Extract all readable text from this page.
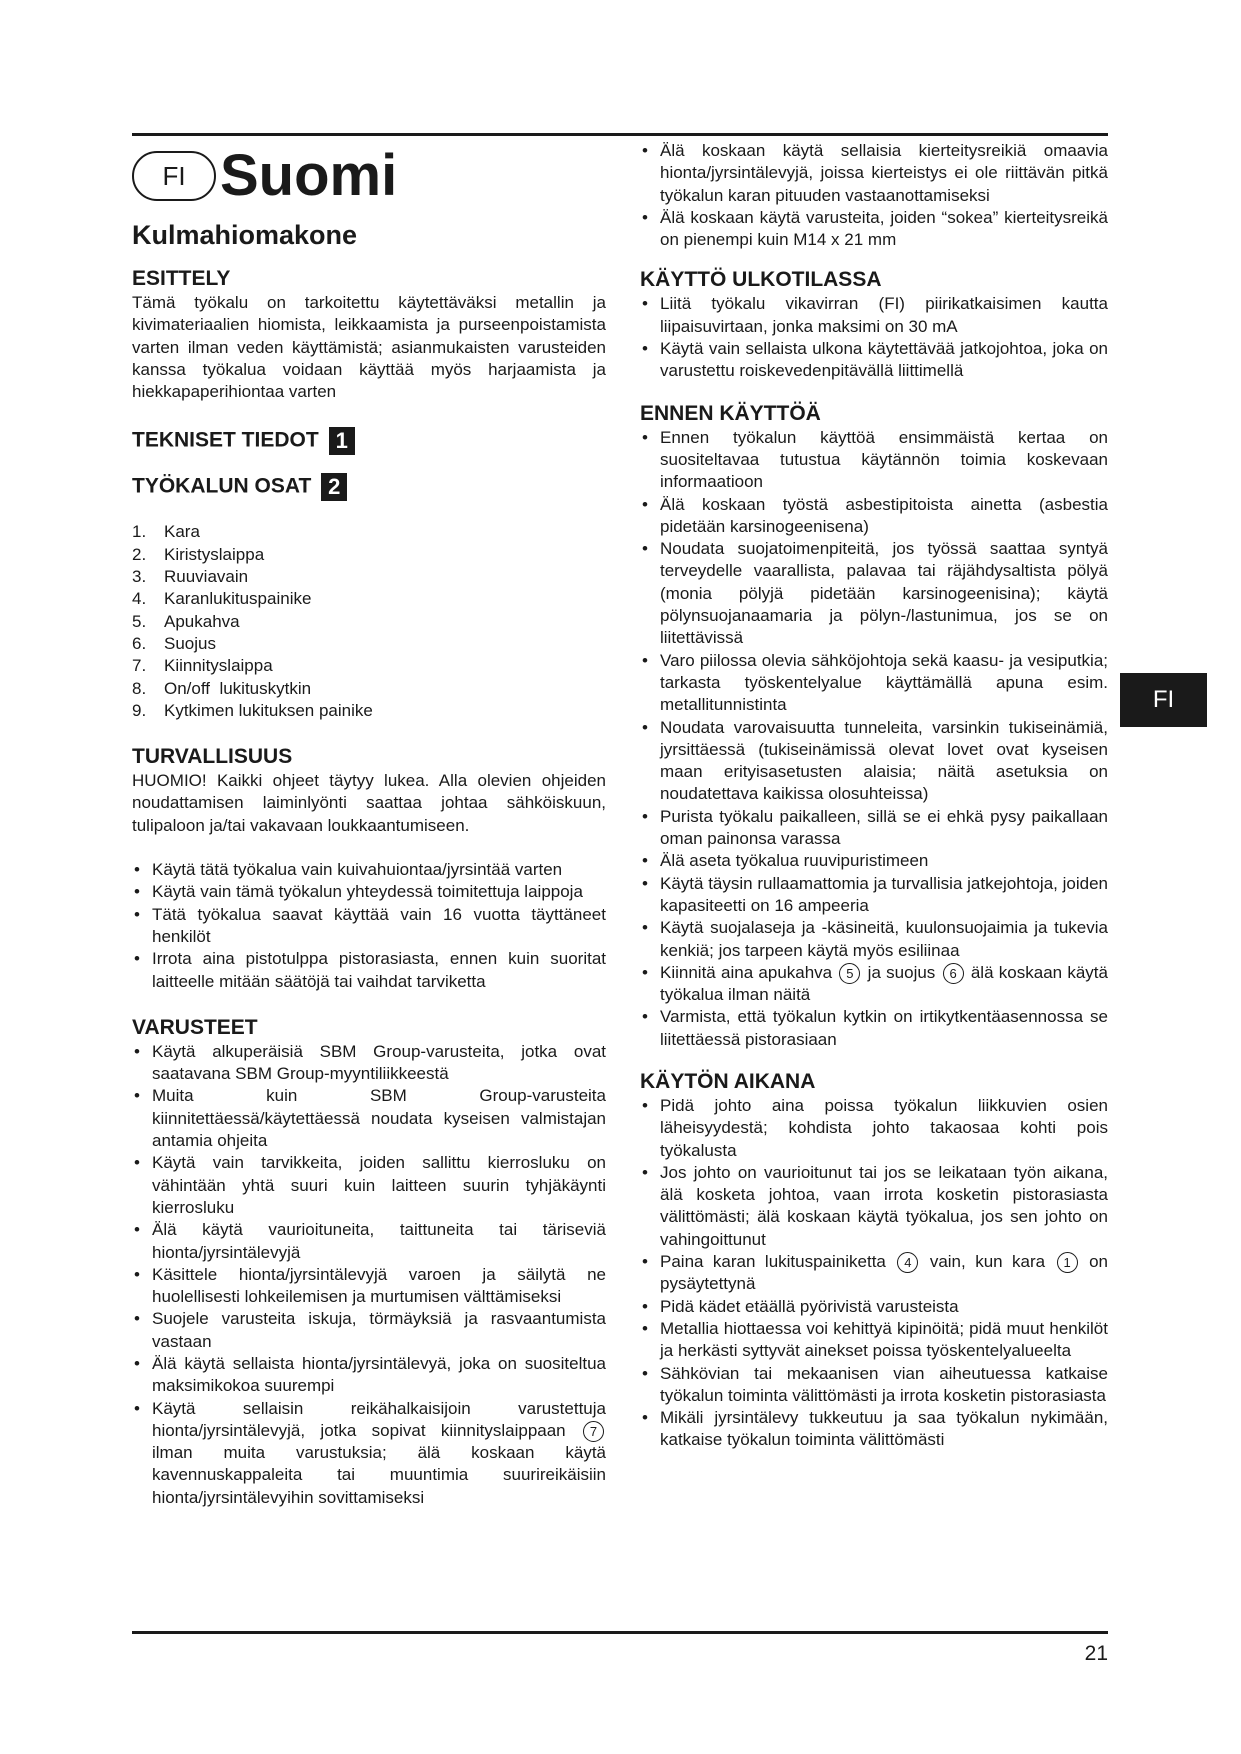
FI Suomi
Kulmahiomakone
ESITTELY

Tämä työkalu on tarkoitettu käytettäväksi metallin ja kivimateriaalien hiomista, leikkaamista ja purseenpoistamista varten ilman veden käyttämistä; asianmukaisten varusteiden kanssa työkalua voidaan käyttää myös harjaamista ja hiekkapaperihiontaa varten

TEKNISET TIEDOT 1
TYÖKALUN OSAT 2
1.	Kara
2.	Kiristyslaippa
3.	Ruuviavain
4.	Karanlukituspainike
5.	Apukahva
6.	Suojus
7.	Kiinnityslaippa
8.	On/off  lukituskytkin
9.	Kytkimen lukituksen painike
TURVALLISUUS

HUOMIO! Kaikki ohjeet täytyy lukea. Alla olevien ohjeiden noudattamisen laiminlyönti saattaa johtaa sähköiskuun, tulipaloon ja/tai vakavaan loukkaantumiseen.

• Käytä tätä työkalua vain kuivahuiontaa/jyrsintää varten
• Käytä vain tämä työkalun yhteydessä toimitettuja laippoja
• Tätä työkalua saavat käyttää vain 16 vuotta täyttäneet henkilöt
• Irrota aina pistotulppa pistorasiasta, ennen kuin suoritat laitteelle mitään säätöjä tai vaihdat tarviketta
VARUSTEET
• Käytä alkuperäisiä SBM Group-varusteita, jotka ovat saatavana SBM Group-myyntiliikkeestä
• Muita kuin SBM Group-varusteita kiinnitettäessä/käytettäessä noudata kyseisen valmistajan antamia ohjeita
• Käytä vain tarvikkeita, joiden sallittu kierrosluku on vähintään yhtä suuri kuin laitteen suurin tyhjäkäynti kierrosluku
• Älä käytä vaurioituneita, taittuneita tai täriseviä hionta/jyrsintälevyjä
• Käsittele hionta/jyrsintälevyjä varoen ja säilytä ne huolellisesti lohkeilemisen ja murtumisen välttämiseksi
• Suojele varusteita iskuja, törmäyksiä ja rasvaantumista vastaan
• Älä käytä sellaista hionta/jyrsintälevyä, joka on suositeltua maksimikokoa suurempi
• Käytä sellaisin reikähalkaisijoin varustettuja hionta/jyrsintälevyjä, jotka sopivat kiinnityslaippaan 7 ilman muita varustuksia; älä koskaan käytä kavennuskappaleita tai muuntimia suurireikäisiin hionta/jyrsintälevyihin sovittamiseksi
• Älä koskaan käytä sellaisia kierteitysreikiä omaavia hionta/jyrsintälevyjä, joissa kierteistys ei ole riittävän pitkä työkalun karan pituuden vastaanottamiseksi
• Älä koskaan käytä varusteita, joiden “sokea” kierteitysreikä on pienempi kuin M14 x 21 mm
KÄYTTÖ ULKOTILASSA
• Liitä työkalu vikavirran (FI) piirikatkaisimen kautta liipaisuvirtaan, jonka maksimi on 30 mA
• Käytä vain sellaista ulkona käytettävää jatkojohtoa, joka on varustettu roiskevedenpitävällä liittimellä
ENNEN KÄYTTÖÄ
• Ennen työkalun käyttöä ensimmäistä kertaa on suositeltavaa tutustua käytännön toimia koskevaan informaatioon
• Älä koskaan työstä asbestipitoista ainetta (asbestia pidetään karsinogeenisena)
• Noudata suojatoimenpiteitä, jos työssä saattaa syntyä terveydelle vaarallista, palavaa tai räjähdysaltista pölyä (monia pölyjä pidetään karsinogeenisina); käytä pölynsuojanaamaria ja pölyn-/lastunimua, jos se on liitettävissä
• Varo piilossa olevia sähköjohtoja sekä kaasu- ja vesiputkia; tarkasta työskentelyalue käyttämällä apuna esim. metallitunnistinta
• Noudata varovaisuutta tunneleita, varsinkin tukiseinämiä, jyrsittäessä (tukiseinämissä olevat lovet ovat kyseisen maan erityisasetusten alaisia; näitä asetuksia on noudatettava kaikissa olosuhteissa)
• Purista työkalu paikalleen, sillä se ei ehkä pysy paikallaan oman painonsa varassa
• Älä aseta työkalua ruuvipuristimeen
• Käytä täysin rullaamattomia ja turvallisia jatkejohtoja, joiden kapasiteetti on 16 ampeeria
• Käytä suojalaseja ja -käsineitä, kuulonsuojaimia ja tukevia kenkiä; jos tarpeen käytä myös esiliinaa
• Kiinnitä aina apukahva 5 ja suojus 6 älä koskaan käytä työkalua ilman näitä
• Varmista, että työkalun kytkin on irtikytkentäasennossa se liitettäessä pistorasiaan
KÄYTÖN AIKANA
• Pidä johto aina poissa työkalun liikkuvien osien läheisyydestä; kohdista johto takaosaa kohti pois työkalusta
• Jos johto on vaurioitunut tai jos se leikataan työn aikana, älä kosketa johtoa, vaan irrota kosketin pistorasiasta välittömästi; älä koskaan käytä työkalua, jos sen johto on vahingoittunut
• Paina karan lukituspainiketta 4 vain, kun kara 1 on pysäytettynä
• Pidä kädet etäällä pyörivistä varusteista
• Metallia hiottaessa voi kehittyä kipinöitä; pidä muut henkilöt ja herkästi syttyvät ainekset poissa työskentelyalueelta
• Sähkövian tai mekaanisen vian aiheutuessa katkaise työkalun toiminta välittömästi ja irrota kosketin pistorasiasta
• Mikäli jyrsintälevy tukkeutuu ja saa työkalun nykimään, katkaise työkalun toiminta välittömästi
FI
21
